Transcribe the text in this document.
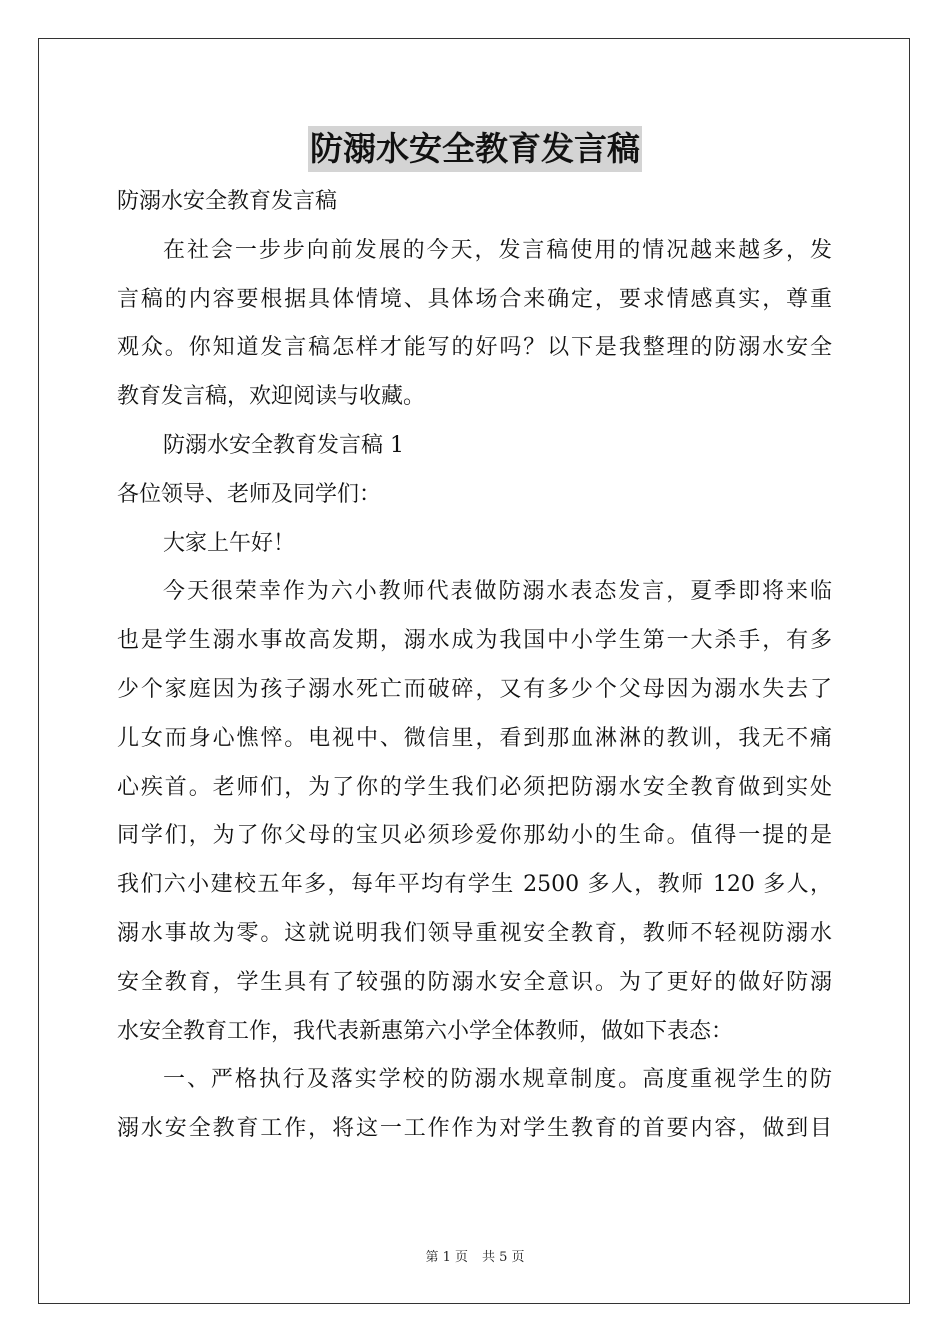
防溺水安全教育发言稿
防溺水安全教育发言稿
在社会一步步向前发展的今天，发言稿使用的情况越来越多，发
言稿的内容要根据具体情境、具体场合来确定，要求情感真实，尊重
观众。你知道发言稿怎样才能写的好吗？以下是我整理的防溺水安全
教育发言稿，欢迎阅读与收藏。
防溺水安全教育发言稿 1
各位领导、老师及同学们：
大家上午好！
今天很荣幸作为六小教师代表做防溺水表态发言，夏季即将来临
也是学生溺水事故高发期，溺水成为我国中小学生第一大杀手，有多
少个家庭因为孩子溺水死亡而破碎，又有多少个父母因为溺水失去了
儿女而身心憔悴。电视中、微信里，看到那血淋淋的教训，我无不痛
心疾首。老师们，为了你的学生我们必须把防溺水安全教育做到实处
同学们，为了你父母的宝贝必须珍爱你那幼小的生命。值得一提的是
我们六小建校五年多，每年平均有学生 2500 多人，教师 120 多人，
溺水事故为零。这就说明我们领导重视安全教育，教师不轻视防溺水
安全教育，学生具有了较强的防溺水安全意识。为了更好的做好防溺
水安全教育工作，我代表新惠第六小学全体教师，做如下表态：
一、严格执行及落实学校的防溺水规章制度。高度重视学生的防
溺水安全教育工作，将这一工作作为对学生教育的首要内容，做到目
第 1 页 共 5 页
